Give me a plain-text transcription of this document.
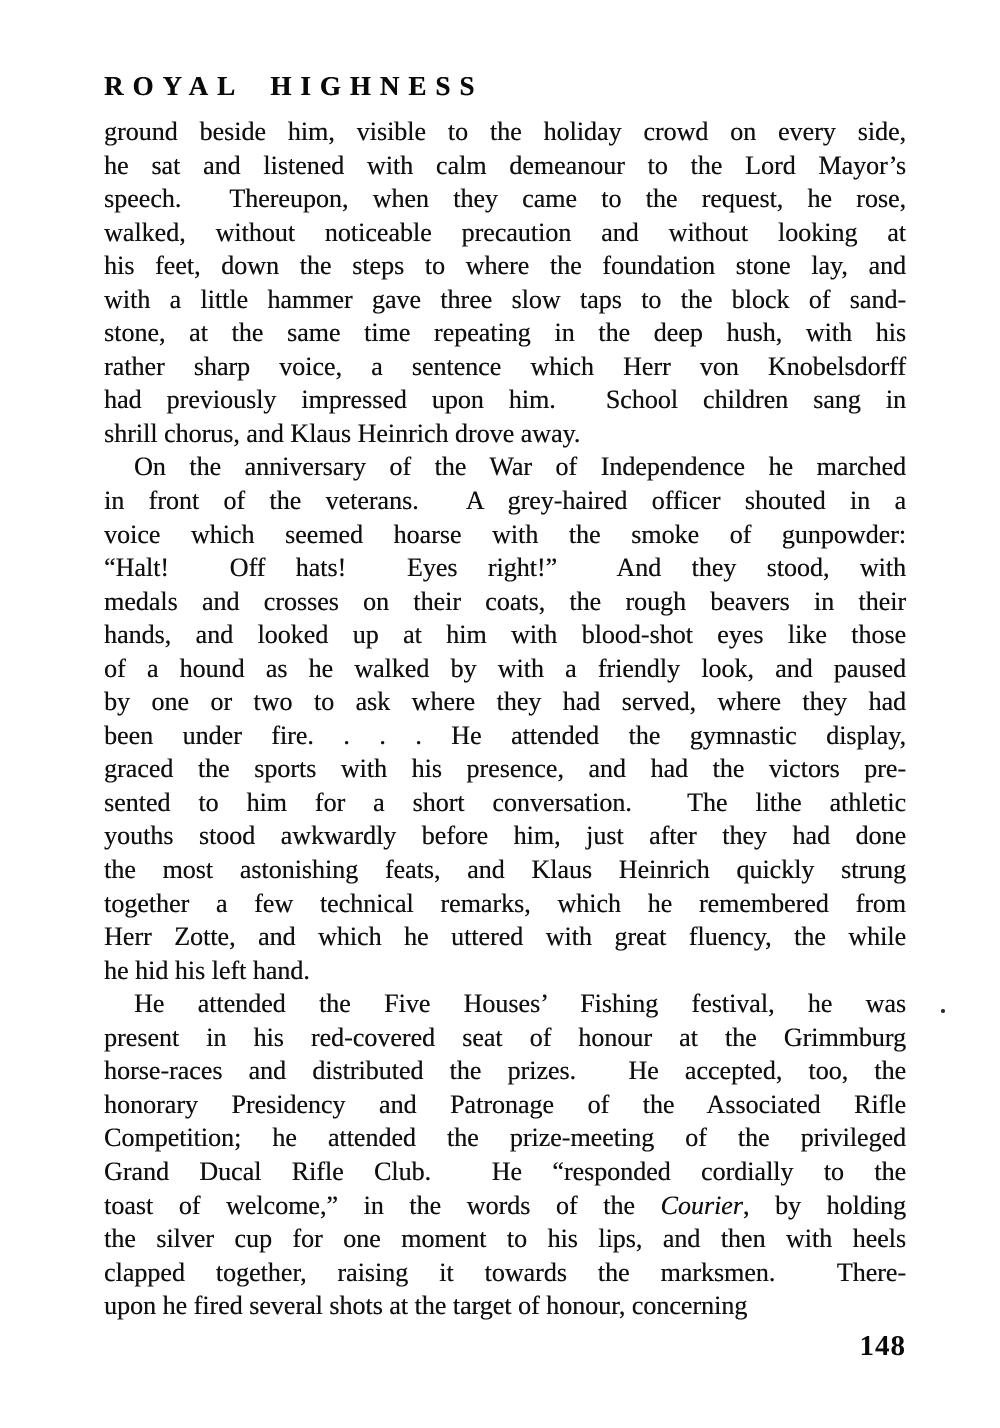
ROYAL HIGHNESS
ground beside him, visible to the holiday crowd on every side,
he sat and listened with calm demeanour to the Lord Mayor’s
speech.  Thereupon, when they came to the request, he rose,
walked, without noticeable precaution and without looking at
his feet, down the steps to where the foundation stone lay, and
with a little hammer gave three slow taps to the block of sand-
stone, at the same time repeating in the deep hush, with his
rather sharp voice, a sentence which Herr von Knobelsdorff
had previously impressed upon him.  School children sang in
shrill chorus, and Klaus Heinrich drove away.
On the anniversary of the War of Independence he marched
in front of the veterans.  A grey-haired officer shouted in a
voice which seemed hoarse with the smoke of gunpowder:
“Halt!  Off hats!  Eyes right!”  And they stood, with
medals and crosses on their coats, the rough beavers in their
hands, and looked up at him with blood-shot eyes like those
of a hound as he walked by with a friendly look, and paused
by one or two to ask where they had served, where they had
been under fire. . . . He attended the gymnastic display,
graced the sports with his presence, and had the victors pre-
sented to him for a short conversation.  The lithe athletic
youths stood awkwardly before him, just after they had done
the most astonishing feats, and Klaus Heinrich quickly strung
together a few technical remarks, which he remembered from
Herr Zotte, and which he uttered with great fluency, the while
he hid his left hand.
He attended the Five Houses’ Fishing festival, he was
present in his red-covered seat of honour at the Grimmburg
horse-races and distributed the prizes.  He accepted, too, the
honorary Presidency and Patronage of the Associated Rifle
Competition; he attended the prize-meeting of the privileged
Grand Ducal Rifle Club.  He “responded cordially to the
toast of welcome,” in the words of the Courier, by holding
the silver cup for one moment to his lips, and then with heels
clapped together, raising it towards the marksmen.  There-
upon he fired several shots at the target of honour, concerning
148
